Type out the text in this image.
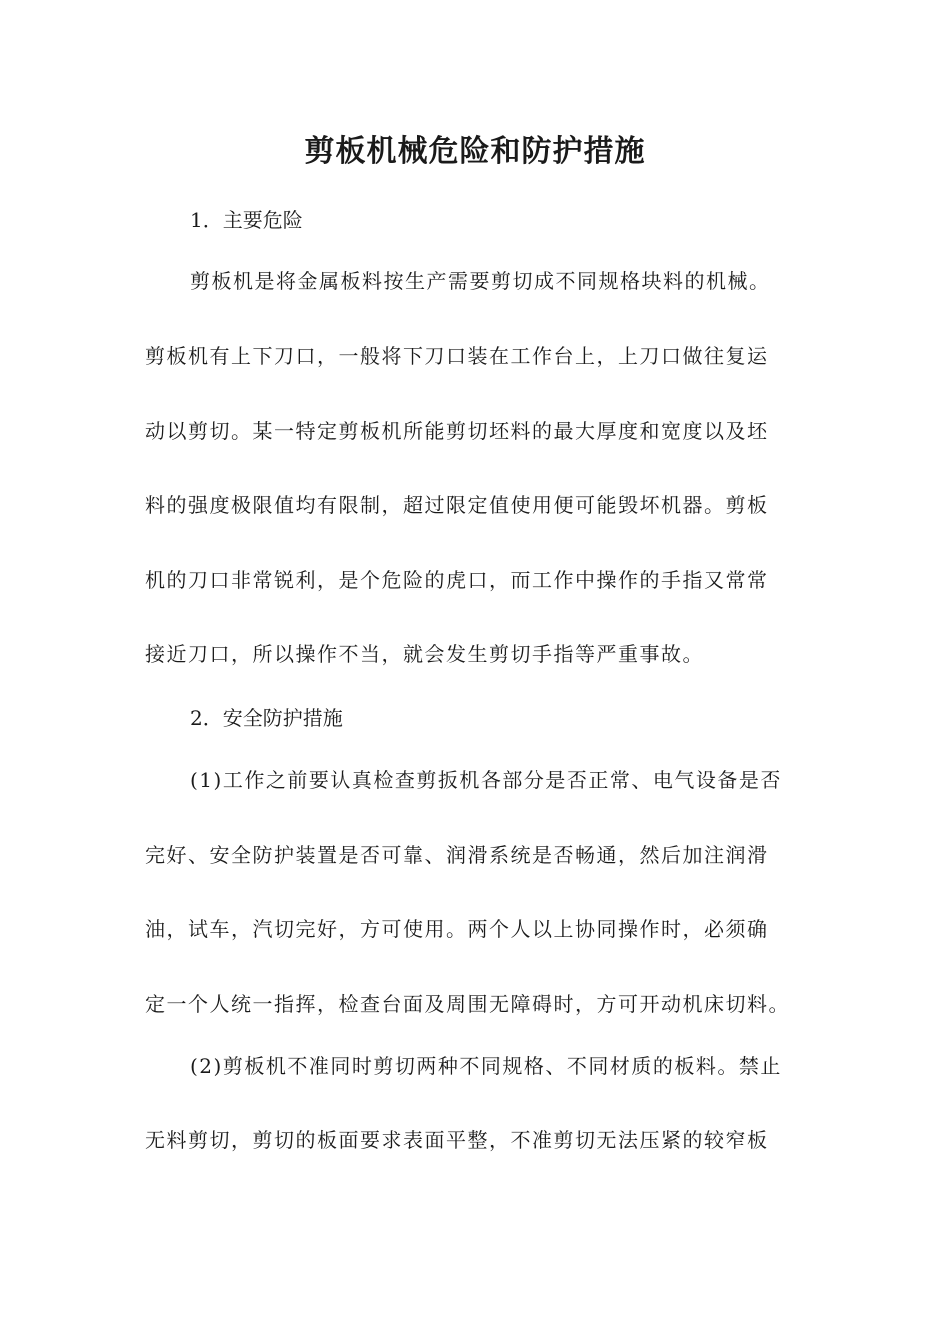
剪板机械危险和防护措施
1．主要危险
剪板机是将金属板料按生产需要剪切成不同规格块料的机械。
剪板机有上下刀口，一般将下刀口装在工作台上，上刀口做往复运
动以剪切。某一特定剪板机所能剪切坯料的最大厚度和宽度以及坯
料的强度极限值均有限制，超过限定值使用便可能毁坏机器。剪板
机的刀口非常锐利，是个危险的虎口，而工作中操作的手指又常常
接近刀口，所以操作不当，就会发生剪切手指等严重事故。
2．安全防护措施
(1)工作之前要认真检查剪扳机各部分是否正常、电气设备是否
完好、安全防护装置是否可靠、润滑系统是否畅通，然后加注润滑
油，试车，汽切完好，方可使用。两个人以上协同操作时，必须确
定一个人统一指挥，检查台面及周围无障碍时，方可开动机床切料。
(2)剪板机不准同时剪切两种不同规格、不同材质的板料。禁止
无料剪切，剪切的板面要求表面平整，不准剪切无法压紧的较窄板
